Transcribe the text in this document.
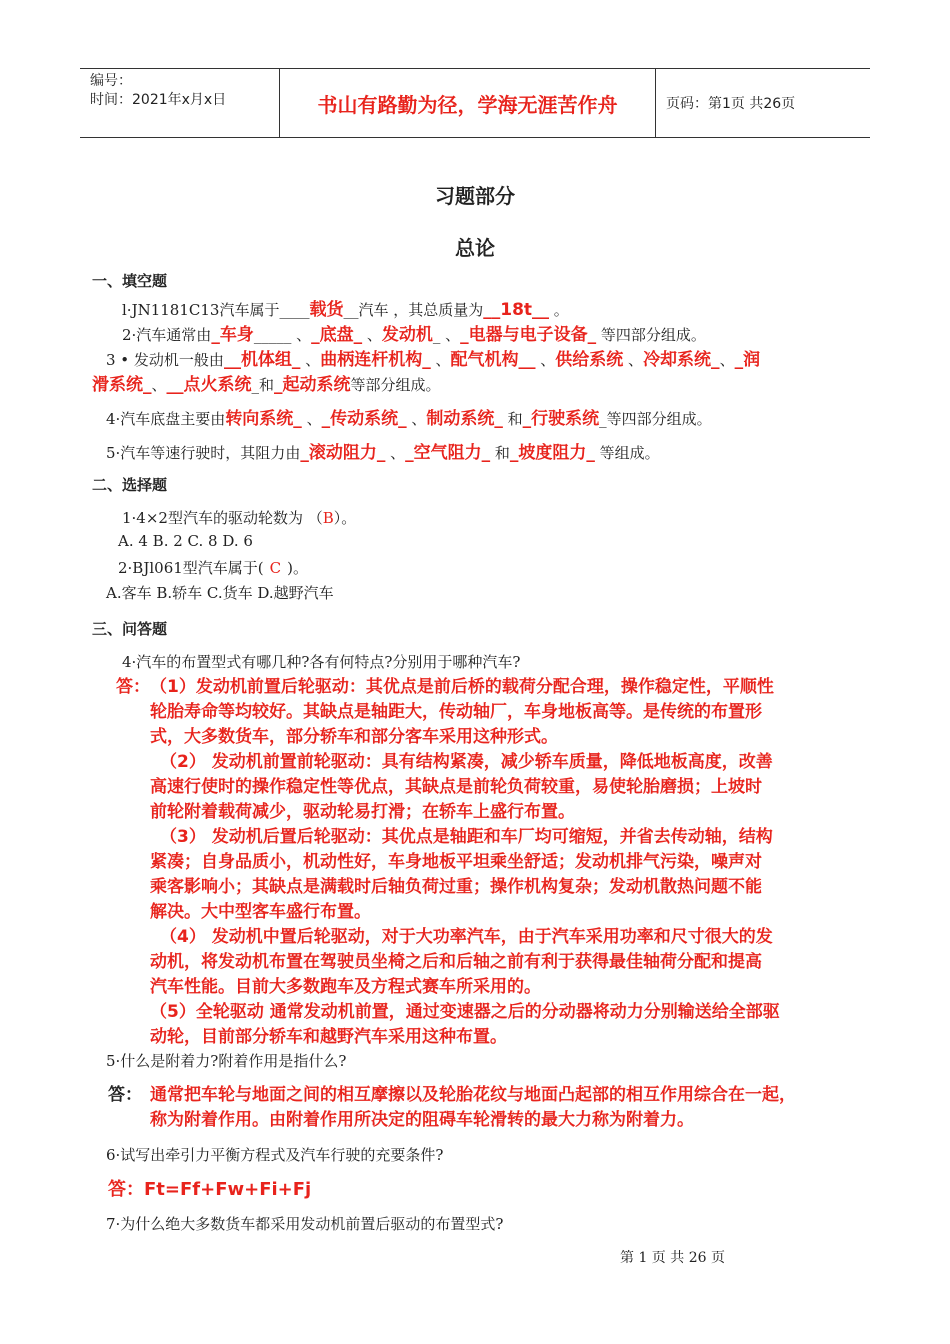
编号：
时间：2021年x月x日	书山有路勤为径，学海无涯苦作舟	页码：第1页 共26页
习题部分
总论
一、填空题
l·JN1181C13汽车属于____载货__汽车 ，其总质量为__18t__ 。
2·汽车通常由_车身_____ 、_底盘_ 、发动机_ 、_电器与电子设备_ 等四部分组成。
3 • 发动机一般由__机体组_ 、曲柄连杆机构_ 、配气机构__ 、供给系统 、冷却系统_、_润
滑系统_、__点火系统_和_起动系统等部分组成。
4·汽车底盘主要由转向系统_ 、_传动系统_ 、制动系统_ 和_行驶系统_等四部分组成。
5·汽车等速行驶时，其阻力由_滚动阻力_ 、_空气阻力_ 和_坡度阻力_ 等组成。
二、选择题
1·4×2型汽车的驱动轮数为 （B）。
A. 4 B. 2 C. 8 D. 6
2·BJl061型汽车属于( C )。
A.客车 B.轿车 C.货车 D.越野汽车
三、问答题
4·汽车的布置型式有哪几种?各有何特点?分别用于哪种汽车?
答： （1）发动机前置后轮驱动：其优点是前后桥的载荷分配合理，操作稳定性，平顺性
轮胎寿命等均较好。其缺点是轴距大，传动轴厂，车身地板高等。是传统的布置形
式，大多数货车，部分轿车和部分客车采用这种形式。
（2） 发动机前置前轮驱动：具有结构紧凑，减少轿车质量，降低地板高度，改善
高速行使时的操作稳定性等优点，其缺点是前轮负荷较重，易使轮胎磨损；上坡时
前轮附着载荷减少，驱动轮易打滑；在轿车上盛行布置。
（3） 发动机后置后轮驱动：其优点是轴距和车厂均可缩短，并省去传动轴，结构
紧凑；自身品质小，机动性好，车身地板平坦乘坐舒适；发动机排气污染，噪声对
乘客影响小；其缺点是满载时后轴负荷过重；操作机构复杂；发动机散热问题不能
解决。大中型客车盛行布置。
（4） 发动机中置后轮驱动，对于大功率汽车，由于汽车采用功率和尺寸很大的发
动机，将发动机布置在驾驶员坐椅之后和后轴之前有利于获得最佳轴荷分配和提高
汽车性能。目前大多数跑车及方程式赛车所采用的。
（5）全轮驱动 通常发动机前置，通过变速器之后的分动器将动力分别输送给全部驱
动轮，目前部分轿车和越野汽车采用这种布置。
5·什么是附着力?附着作用是指什么?
答： 通常把车轮与地面之间的相互摩擦以及轮胎花纹与地面凸起部的相互作用综合在一起，
称为附着作用。由附着作用所决定的阻碍车轮滑转的最大力称为附着力。
6·试写出牵引力平衡方程式及汽车行驶的充要条件?
答：Ft=Ff+Fw+Fi+Fj
7·为什么绝大多数货车都采用发动机前置后驱动的布置型式?
第 1 页 共 26 页
